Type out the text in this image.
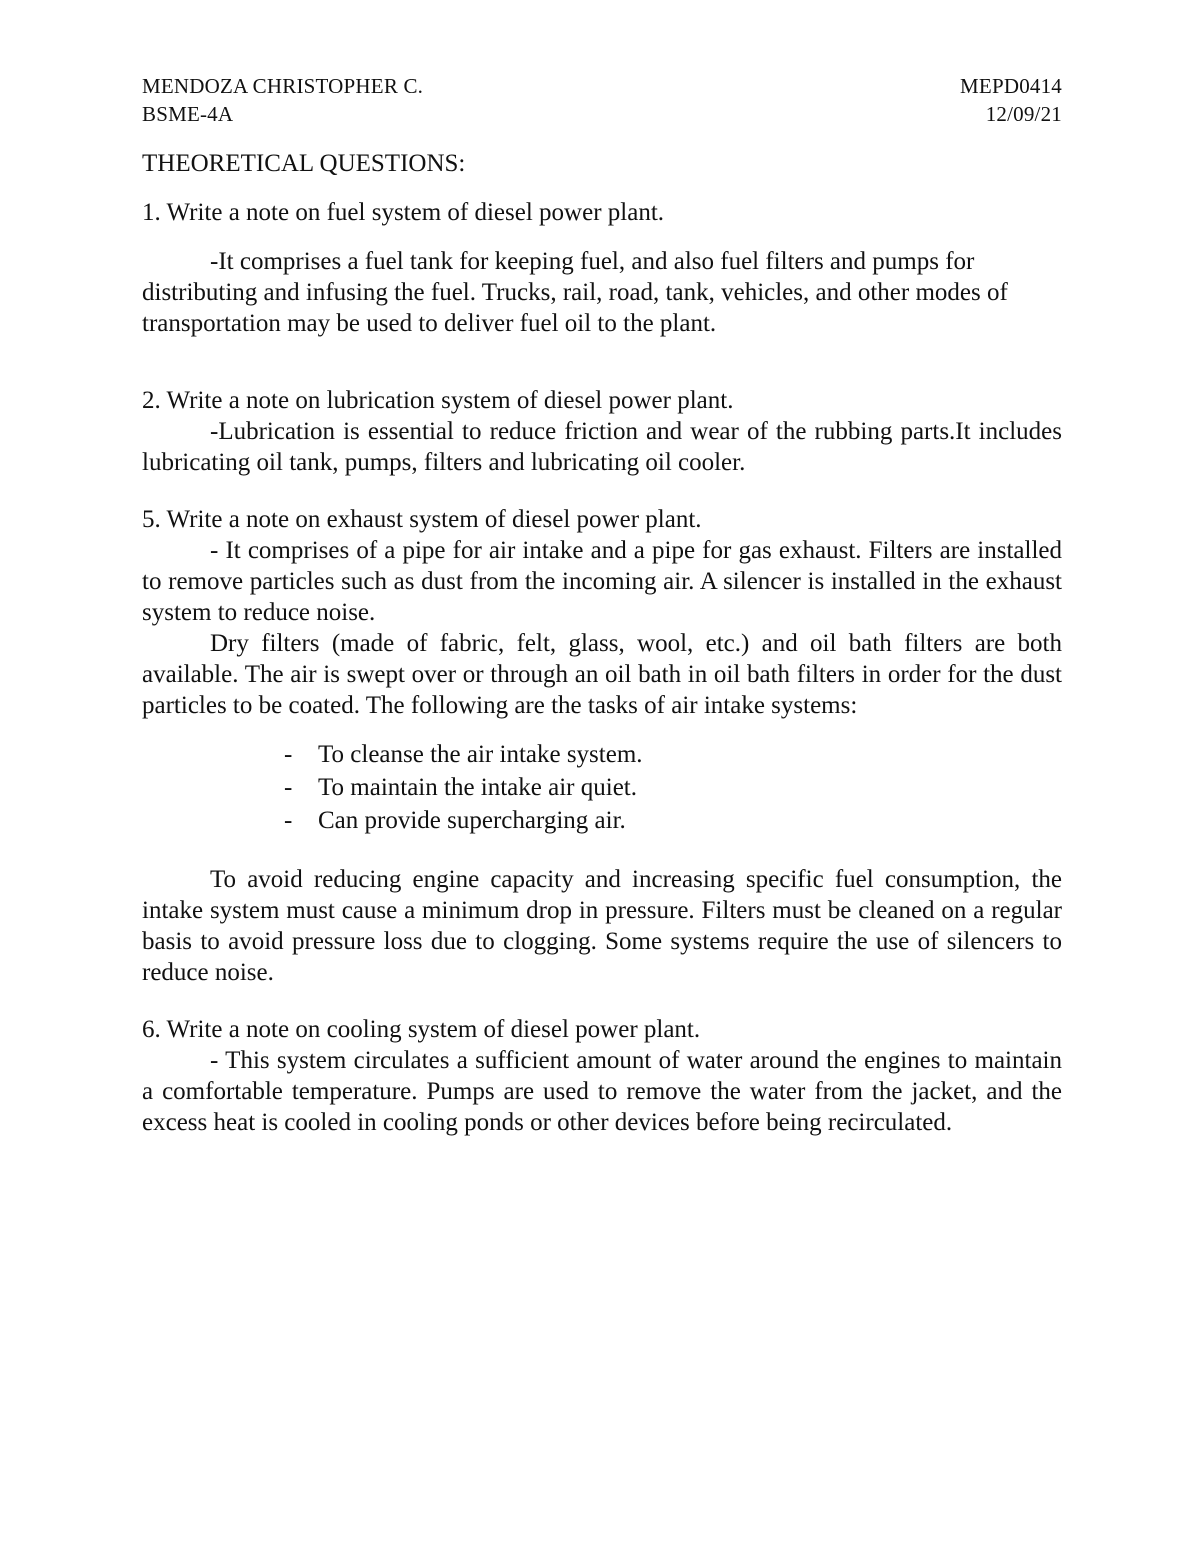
MENDOZA CHRISTOPHER C.	MEPD0414
BSME-4A	12/09/21
THEORETICAL QUESTIONS:

1. Write a note on fuel system of diesel power plant.

-It comprises a fuel tank for keeping fuel, and also fuel filters and pumps for distributing and infusing the fuel. Trucks, rail, road, tank, vehicles, and other modes of transportation may be used to deliver fuel oil to the plant.

2. Write a note on lubrication system of diesel power plant.

-Lubrication is essential to reduce friction and wear of the rubbing parts.It includes lubricating oil tank, pumps, filters and lubricating oil cooler.

5. Write a note on exhaust system of diesel power plant.

- It comprises of a pipe for air intake and a pipe for gas exhaust. Filters are installed to remove particles such as dust from the incoming air. A silencer is installed in the exhaust system to reduce noise.

Dry filters (made of fabric, felt, glass, wool, etc.) and oil bath filters are both available. The air is swept over or through an oil bath in oil bath filters in order for the dust particles to be coated. The following are the tasks of air intake systems:

- To cleanse the air intake system.
- To maintain the intake air quiet.
- Can provide supercharging air.

To avoid reducing engine capacity and increasing specific fuel consumption, the intake system must cause a minimum drop in pressure. Filters must be cleaned on a regular basis to avoid pressure loss due to clogging. Some systems require the use of silencers to reduce noise.

6. Write a note on cooling system of diesel power plant.

- This system circulates a sufficient amount of water around the engines to maintain a comfortable temperature. Pumps are used to remove the water from the jacket, and the excess heat is cooled in cooling ponds or other devices before being recirculated.
